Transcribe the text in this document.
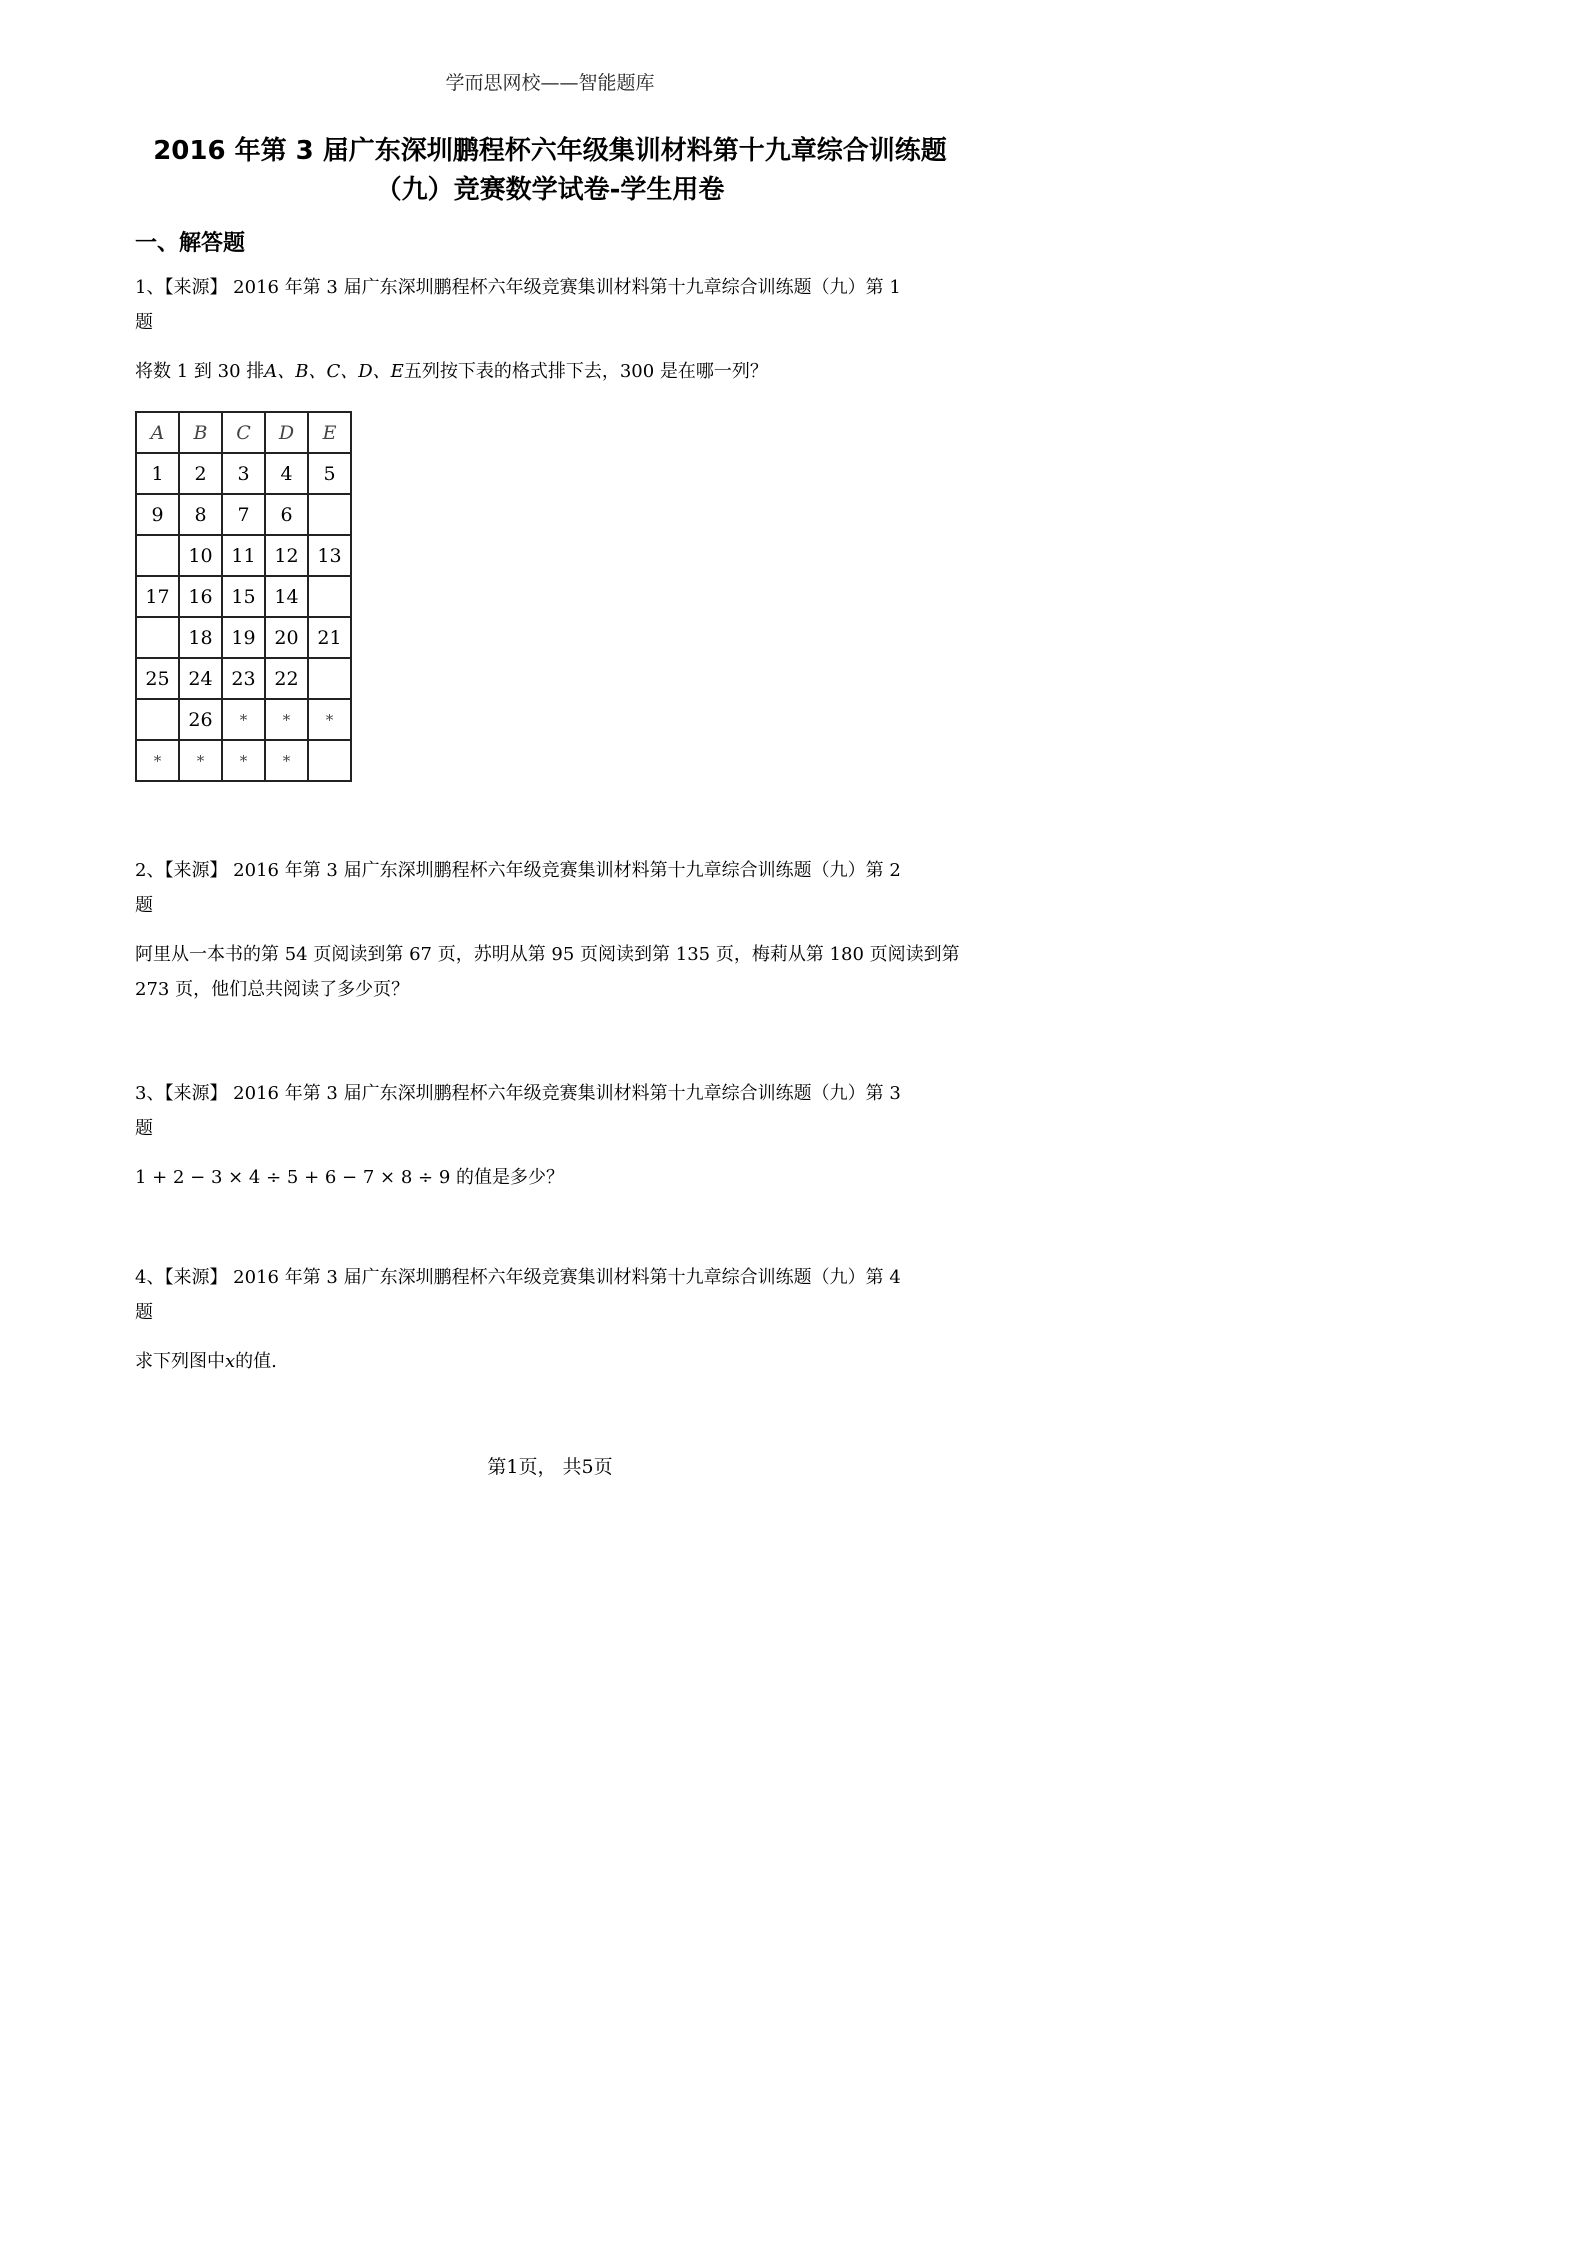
学而思网校——智能题库
2016 年第 3 届广东深圳鹏程杯六年级集训材料第十九章综合训练题
（九）竞赛数学试卷-学生用卷
一、解答题
1、【来源】 2016 年第 3 届广东深圳鹏程杯六年级竞赛集训材料第十九章综合训练题（九）第 1
题
将数 1 到 30 排A、B、C、D、E五列按下表的格式排下去，300 是在哪一列？
A	B	C	D	E
1	2	3	4	5
9	8	7	6	
	10	11	12	13
17	16	15	14	
	18	19	20	21
25	24	23	22	
	26	*	*	*
*	*	*	*	
2、【来源】 2016 年第 3 届广东深圳鹏程杯六年级竞赛集训材料第十九章综合训练题（九）第 2
题
阿里从一本书的第 54 页阅读到第 67 页，苏明从第 95 页阅读到第 135 页，梅莉从第 180 页阅读到第 273 页，他们总共阅读了多少页？
3、【来源】 2016 年第 3 届广东深圳鹏程杯六年级竞赛集训材料第十九章综合训练题（九）第 3
题
1 + 2 − 3 × 4 ÷ 5 + 6 − 7 × 8 ÷ 9 的值是多少？
4、【来源】 2016 年第 3 届广东深圳鹏程杯六年级竞赛集训材料第十九章综合训练题（九）第 4
题
求下列图中x的值.
第1页， 共5页
